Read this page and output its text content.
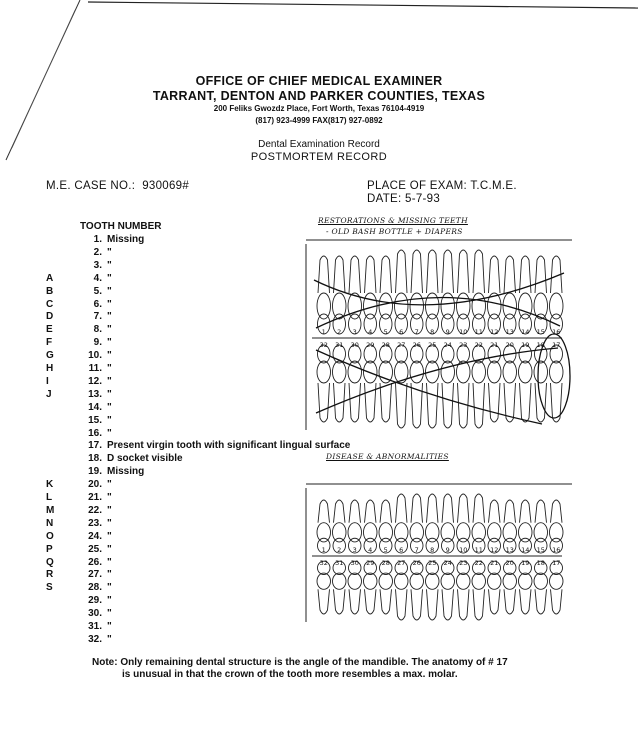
OFFICE OF CHIEF MEDICAL EXAMINER
TARRANT, DENTON AND PARKER COUNTIES, TEXAS
200 Feliks Gwozdz Place, Fort Worth, Texas 76104-4919
(817) 923-4999 FAX(817) 927-0892
Dental Examination Record
POSTMORTEM RECORD
M.E. CASE NO.: 930069#	PLACE OF EXAM: T.C.M.E.
DATE: 5-7-93
TOOTH NUMBER
1. Missing
2. "
3. "
A	4. "
B	5. "
C	6. "
D	7. "
E	8. "
F	9. "
G	10. "
H	11. "
I	12. "
J	13. "
14. "
15. "
16. "
17. Present virgin tooth with significant lingual surface
18. D socket visible
19. Missing
K	20. "
L	21. "
M	22. "
N	23. "
O	24. "
P	25. "
Q	26. "
R	27. "
S	28. "
29. "
30. "
31. "
32. "
RESTORATIONS & MISSING TEETH
- OLD BASH BOTTLE + DIAPERS
DISEASE & ABNORMALITIES
1 2 3 4 5 6 7 8 9 10 11 12 13 14 15 16
32 31 30 29 28 27 26 25 24 23 22 21 20 19 18 17
1 2 3 4 5 6 7 8 9 10 11 12 13 14 15 16
32 31 30 29 28 27 26 25 24 23 22 21 20 19 18 17
Note: Only remaining dental structure is the angle of the mandible. The anatomy of # 17
is unusual in that the crown of the tooth more resembles a max. molar.
